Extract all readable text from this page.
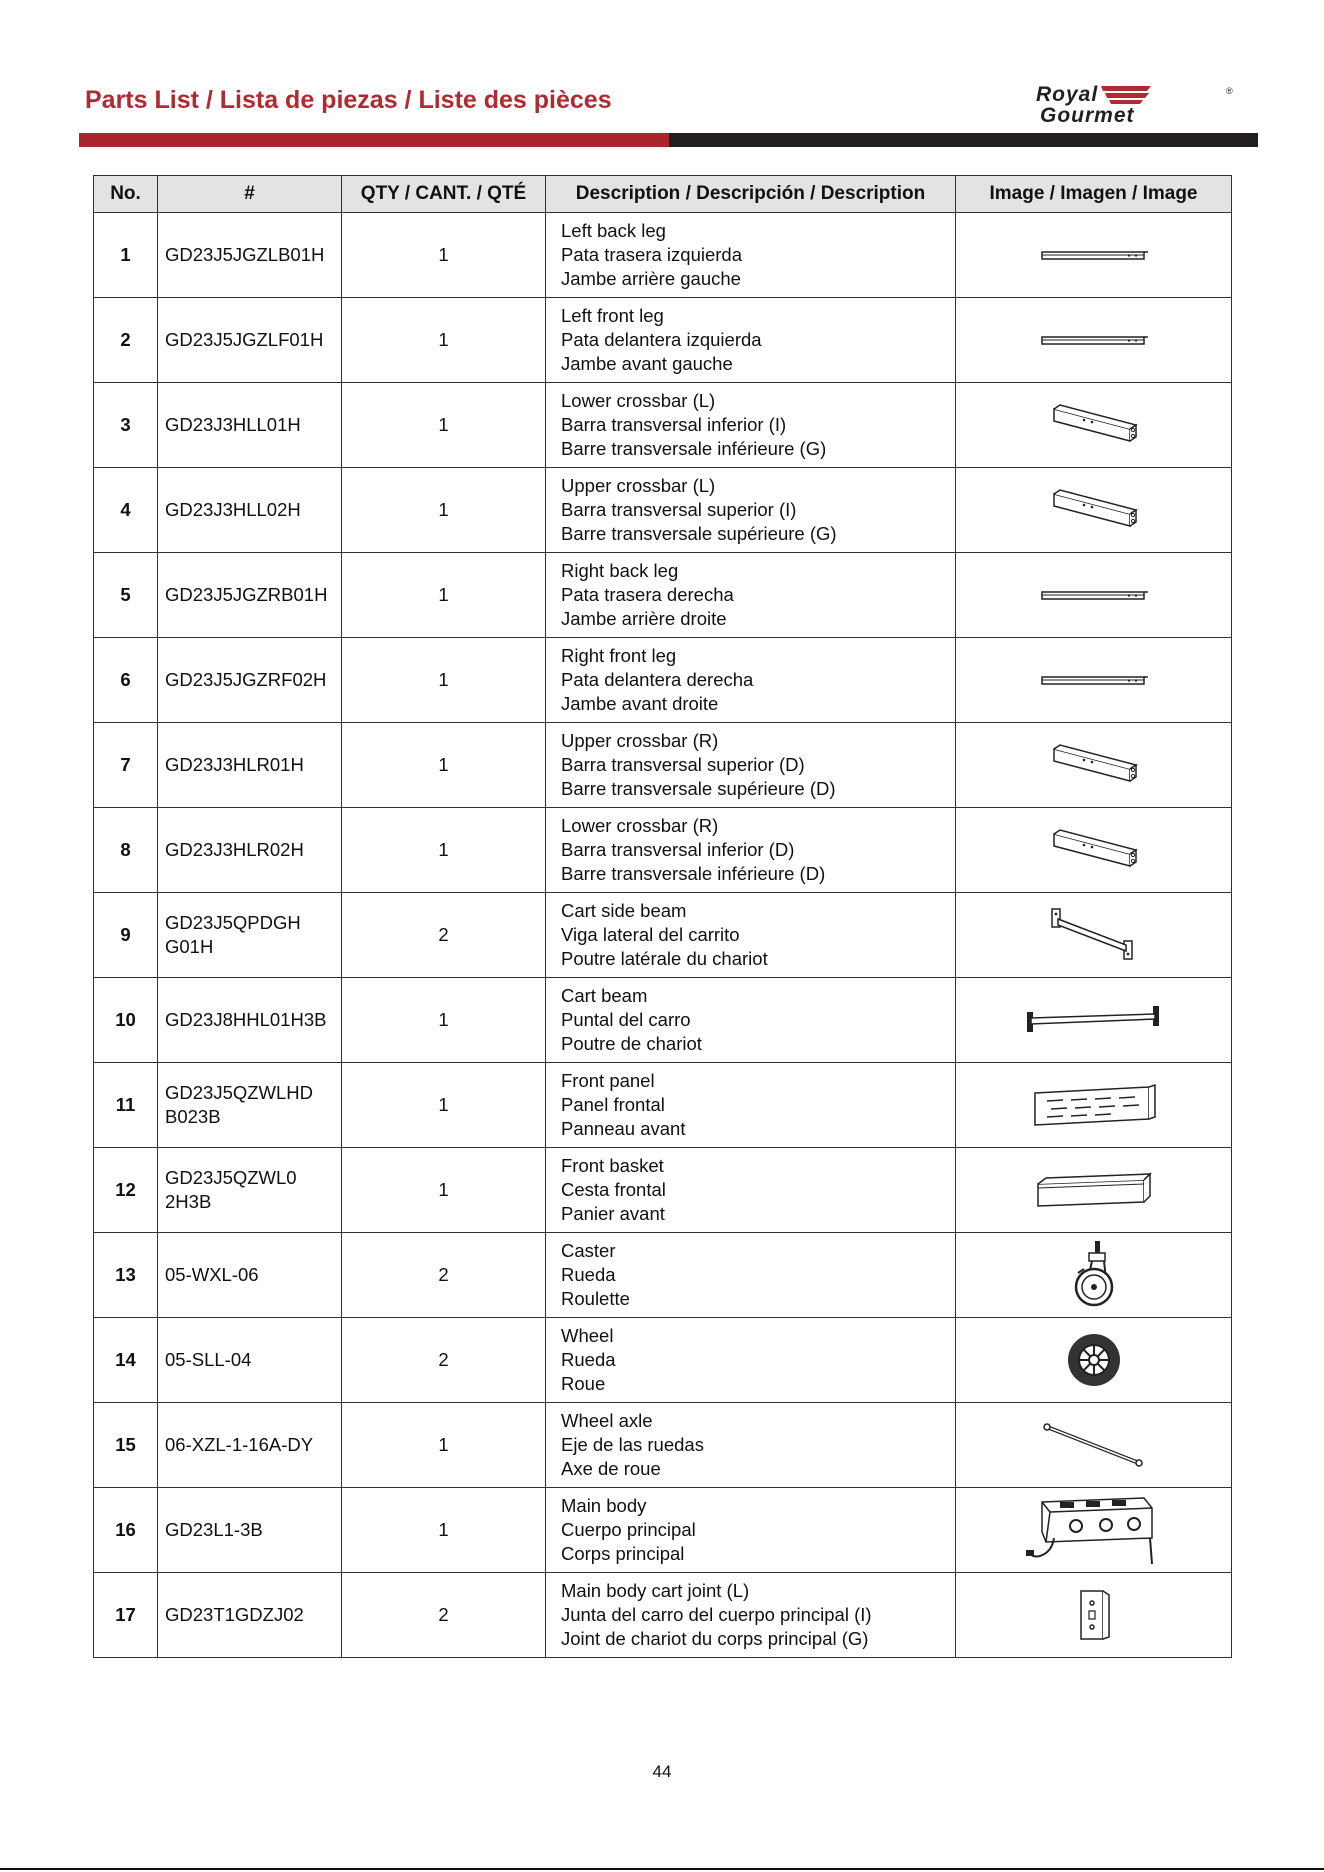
Parts List / Lista de piezas / Liste des pièces	Royal	®
Gourmet
No.	#	QTY / CANT. / QTÉ	Description / Descripción / Description	Image / Imagen / Image
1	GD23J5JGZLB01H	1	Left back leg
Pata trasera izquierda
Jambe arrière gauche

2	GD23J5JGZLF01H	1	Left front leg
Pata delantera izquierda
Jambe avant gauche

3	GD23J3HLL01H	1	Lower crossbar (L)
Barra transversal inferior (I)
Barre transversale inférieure (G)

4	GD23J3HLL02H	1	Upper crossbar (L)
Barra transversal superior (I)
Barre transversale supérieure (G)

5	GD23J5JGZRB01H	1	Right back leg
Pata trasera derecha
Jambe arrière droite

6	GD23J5JGZRF02H	1	Right front leg
Pata delantera derecha
Jambe avant droite

7	GD23J3HLR01H	1	Upper crossbar (R)
Barra transversal superior (D)
Barre transversale supérieure (D)

8	GD23J3HLR02H	1	Lower crossbar (R)
Barra transversal inferior (D)
Barre transversale inférieure (D)

9	GD23J5QPDGH
G01H	2	Cart side beam
Viga lateral del carrito
Poutre latérale du chariot

10	GD23J8HHL01H3B	1	Cart beam
Puntal del carro
Poutre de chariot

11	GD23J5QZWLHD
B023B	1	Front panel
Panel frontal
Panneau avant

12	GD23J5QZWL0
2H3B	1	Front basket
Cesta frontal
Panier avant

13	05-WXL-06	2	Caster
Rueda
Roulette

14	05-SLL-04	2	Wheel
Rueda
Roue

15	06-XZL-1-16A-DY	1	Wheel axle
Eje de las ruedas
Axe de roue

16	GD23L1-3B	1	Main body
Cuerpo principal
Corps principal

17	GD23T1GDZJ02	2	Main body cart joint (L)
Junta del carro del cuerpo principal (I)
Joint de chariot du corps principal (G)

44
